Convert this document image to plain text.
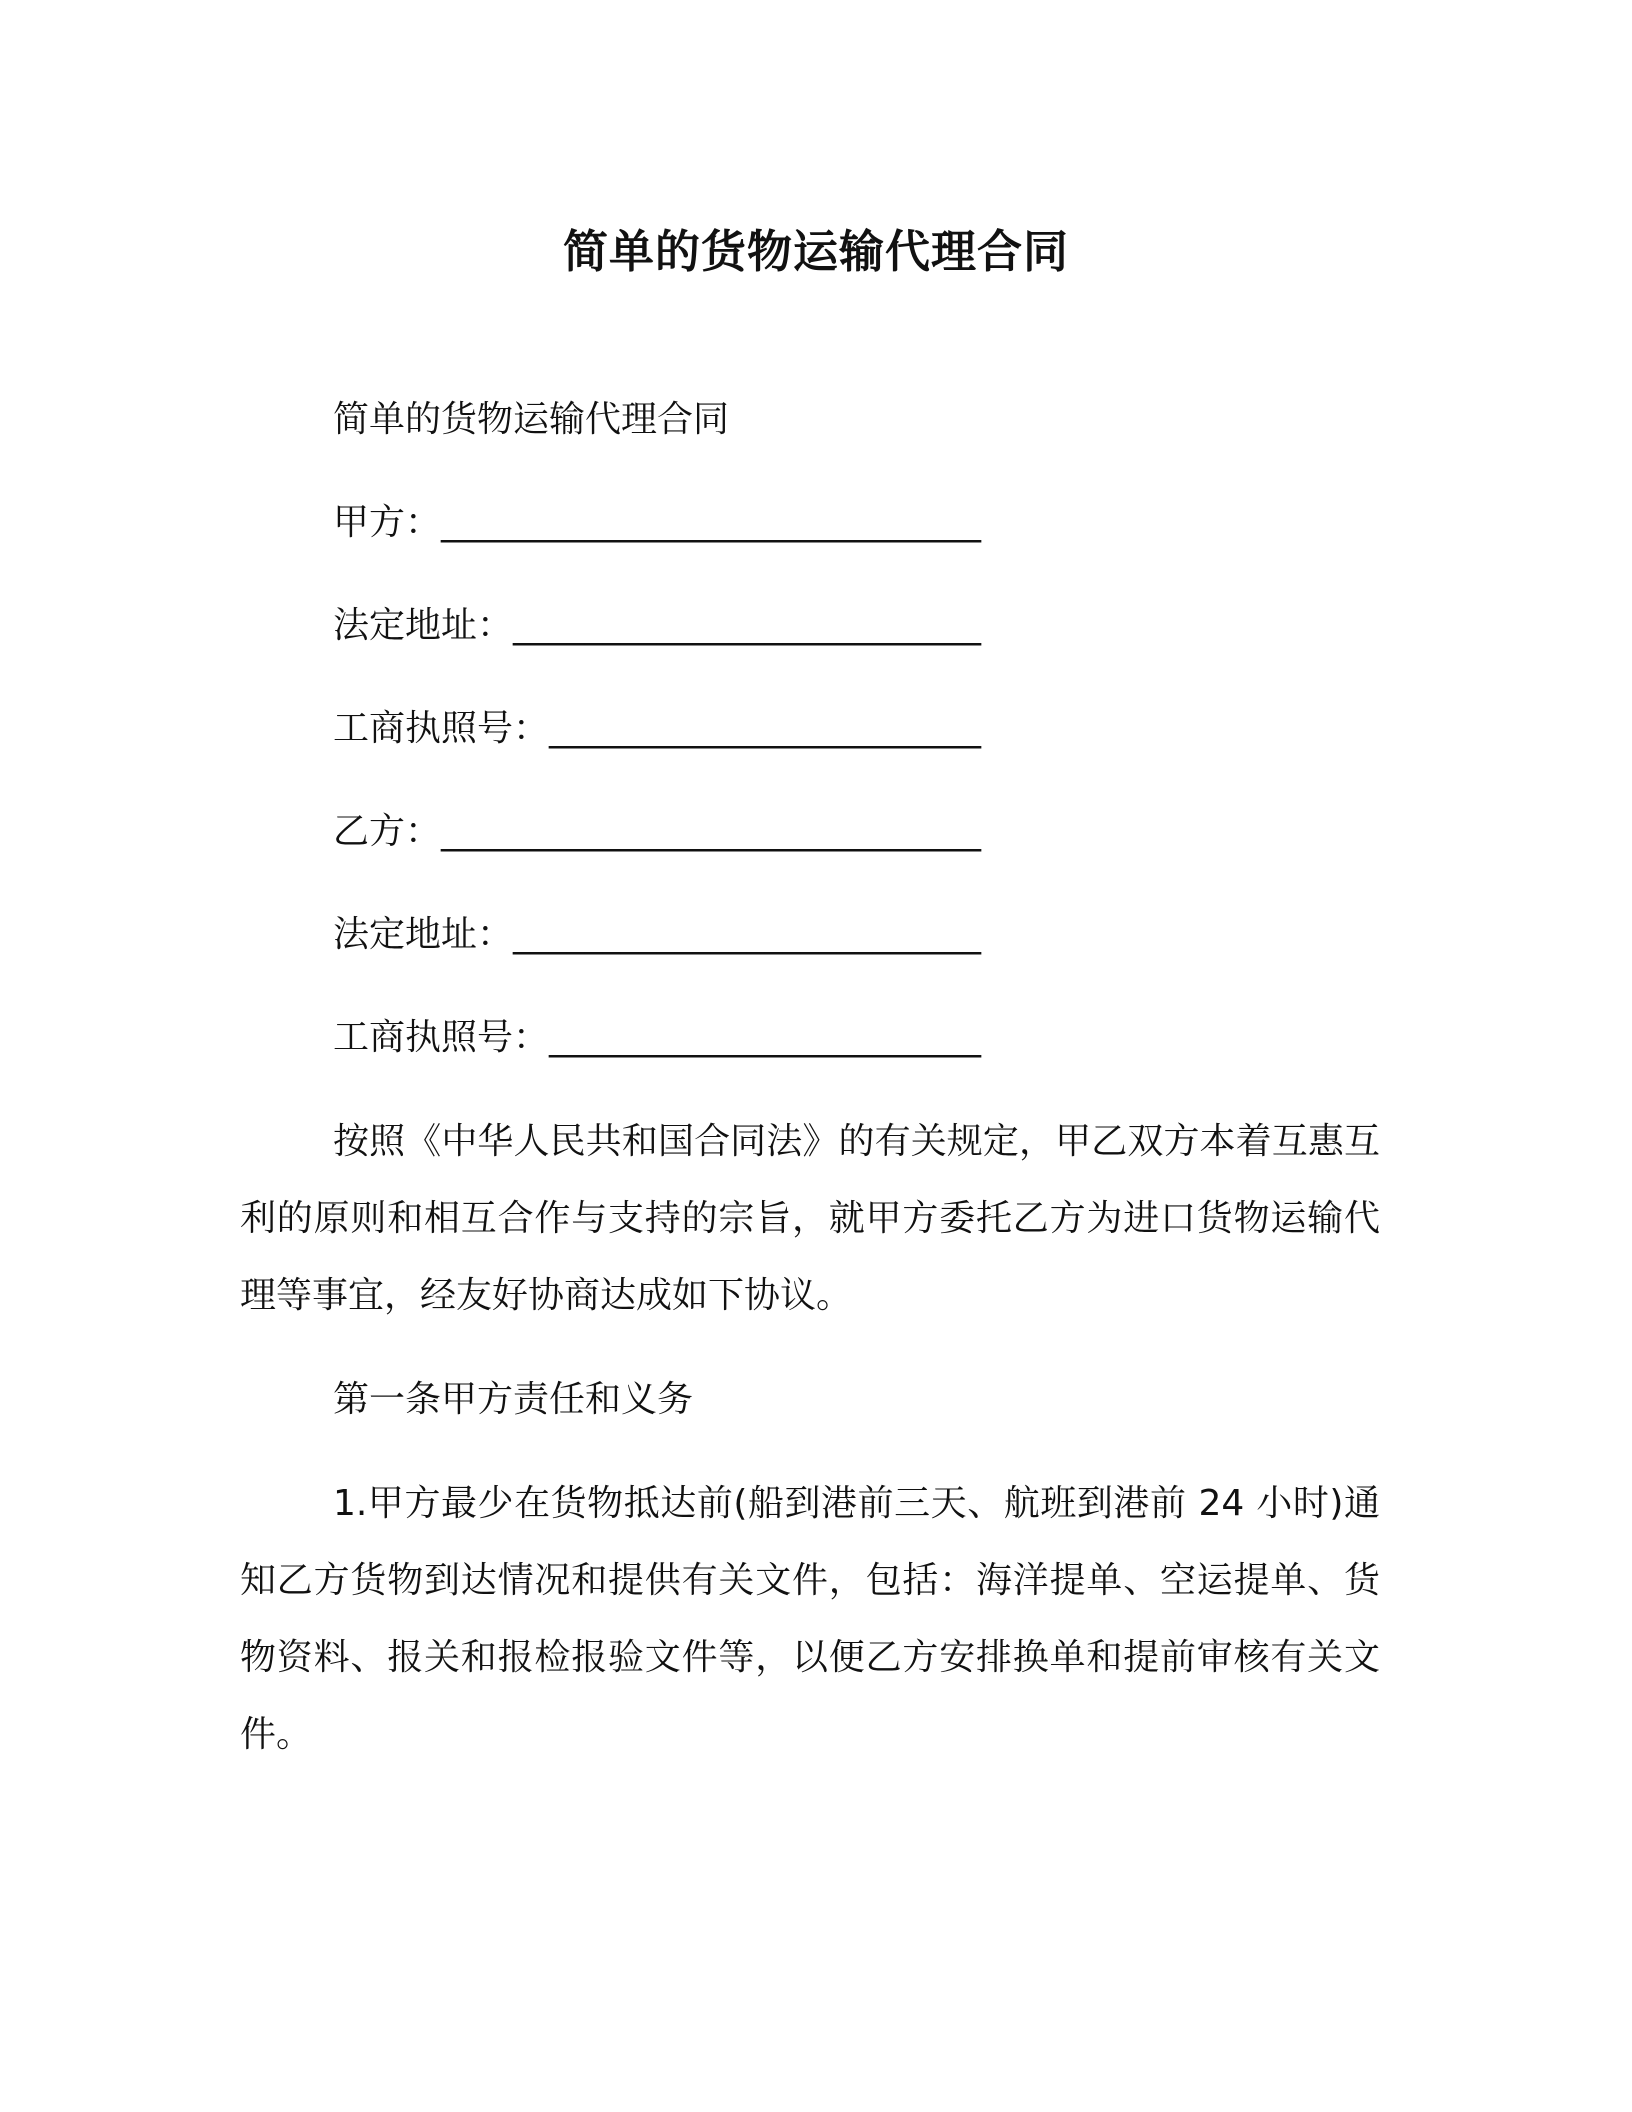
简单的货物运输代理合同
简单的货物运输代理合同
甲方：______________________________
法定地址：__________________________
工商执照号：________________________
乙方：______________________________
法定地址：__________________________
工商执照号：________________________
按照《中华人民共和国合同法》的有关规定，甲乙双方本着互惠互利的原则和相互合作与支持的宗旨，就甲方委托乙方为进口货物运输代理等事宜，经友好协商达成如下协议。
第一条甲方责任和义务
1.甲方最少在货物抵达前(船到港前三天、航班到港前 24 小时)通知乙方货物到达情况和提供有关文件，包括：海洋提单、空运提单、货物资料、报关和报检报验文件等，以便乙方安排换单和提前审核有关文件。
